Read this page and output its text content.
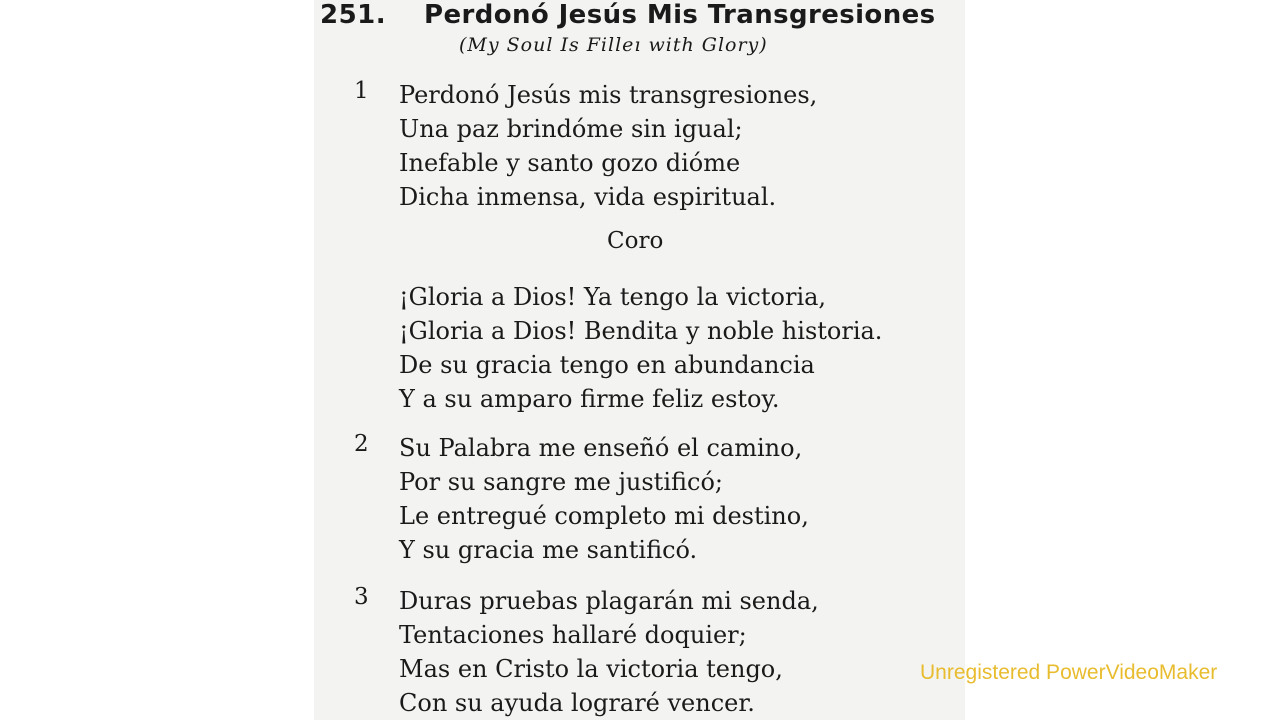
251. Perdonó Jesús Mis Transgresiones
(My Soul Is Filleı with Glory)
1 Perdonó Jesús mis transgresiones,
Una paz brindóme sin igual;
Inefable y santo gozo dióme
Dicha inmensa, vida espiritual.
Coro
¡Gloria a Dios! Ya tengo la victoria,
¡Gloria a Dios! Bendita y noble historia.
De su gracia tengo en abundancia
Y a su amparo firme feliz estoy.
2 Su Palabra me enseñó el camino,
Por su sangre me justificó;
Le entregué completo mi destino,
Y su gracia me santificó.
3 Duras pruebas plagarán mi senda,
Tentaciones hallaré doquier;
Mas en Cristo la victoria tengo,
Con su ayuda lograré vencer.
Unregistered PowerVideoMaker
